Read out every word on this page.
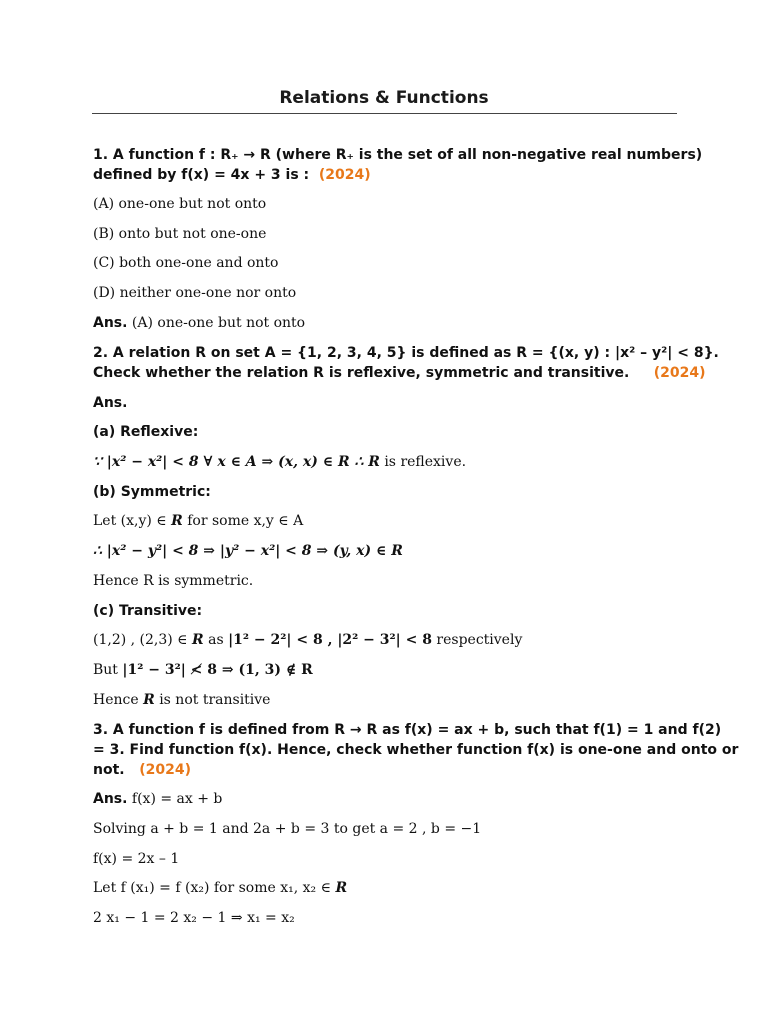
Relations & Functions
1. A function f : R₊ → R (where R₊ is the set of all non-negative real numbers)
defined by f(x) = 4x + 3 is : (2024)
(A) one-one but not onto
(B) onto but not one-one
(C) both one-one and onto
(D) neither one-one nor onto
Ans. (A) one-one but not onto
2. A relation R on set A = {1, 2, 3, 4, 5} is defined as R = {(x, y) : |x² – y²| < 8}.
Check whether the relation R is reflexive, symmetric and transitive. (2024)
Ans.
(a) Reflexive:
∵ |x² − x²| < 8 ∀ x ∈ A ⇒ (x, x) ∈ R ∴ R is reflexive.
(b) Symmetric:
Let (x,y) ∈ R for some x,y ∈ A
∴ |x² − y²| < 8 ⇒ |y² − x²| < 8 ⇒ (y, x) ∈ R
Hence R is symmetric.
(c) Transitive:
(1,2) , (2,3) ∈ R as |1² − 2²| < 8 , |2² − 3²| < 8 respectively
But |1² − 3²| ≮ 8 ⇒ (1, 3) ∉ R
Hence R is not transitive
3. A function f is defined from R → R as f(x) = ax + b, such that f(1) = 1 and f(2)
= 3. Find function f(x). Hence, check whether function f(x) is one-one and onto or
not. (2024)
Ans. f(x) = ax + b
Solving a + b = 1 and 2a + b = 3 to get a = 2 , b = −1
f(x) = 2x – 1
Let f (x₁) = f (x₂) for some x₁, x₂ ∈ R
2 x₁ − 1 = 2 x₂ − 1 ⇒ x₁ = x₂
